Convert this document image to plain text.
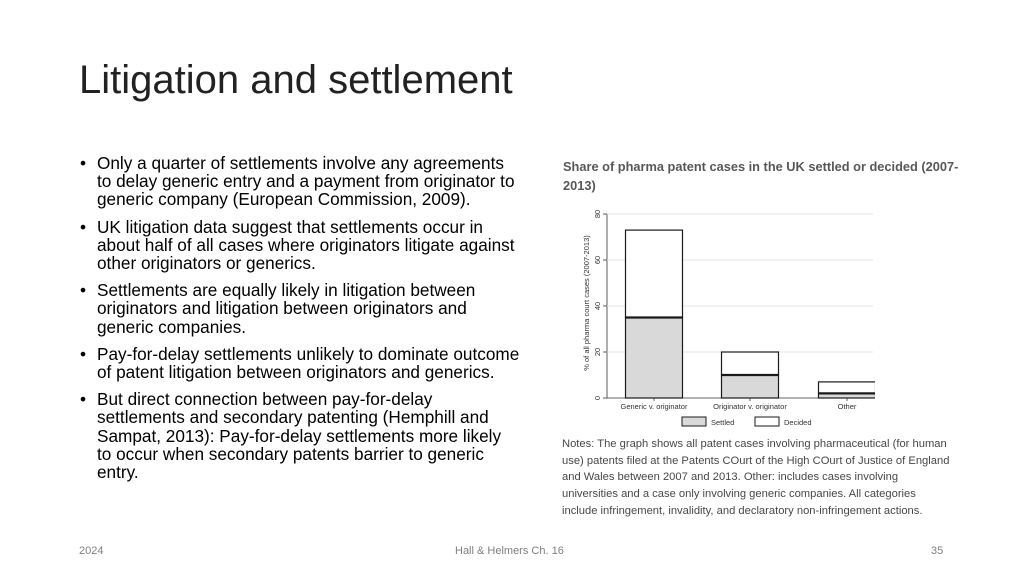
Litigation and settlement
• Only a quarter of settlements involve any agreements to delay generic entry and a payment from originator to generic company (European Commission, 2009).
• UK litigation data suggest that settlements occur in about half of all cases where originators litigate against other originators or generics.
• Settlements are equally likely in litigation between originators and litigation between originators and generic companies.
• Pay-for-delay settlements unlikely to dominate outcome of patent litigation between originators and generics.
• But direct connection between pay-for-delay settlements and secondary patenting (Hemphill and Sampat, 2013): Pay-for-delay settlements more likely to occur when secondary patents barrier to generic entry.
Share of pharma patent cases in the UK settled or decided (2007-2013)
% of all pharma court cases (2007-2013)
0
20
40
60
80
Generic v. originator	Originator v. originator	Other
Settled	Decided
Notes: The graph shows all patent cases involving pharmaceutical (for human use) patents filed at the Patents COurt of the High COurt of Justice of England and Wales between 2007 and 2013. Other: includes cases involving universities and a case only involving generic companies. All categories include infringement, invalidity, and declaratory non-infringement actions.
2024	Hall & Helmers Ch. 16	35
